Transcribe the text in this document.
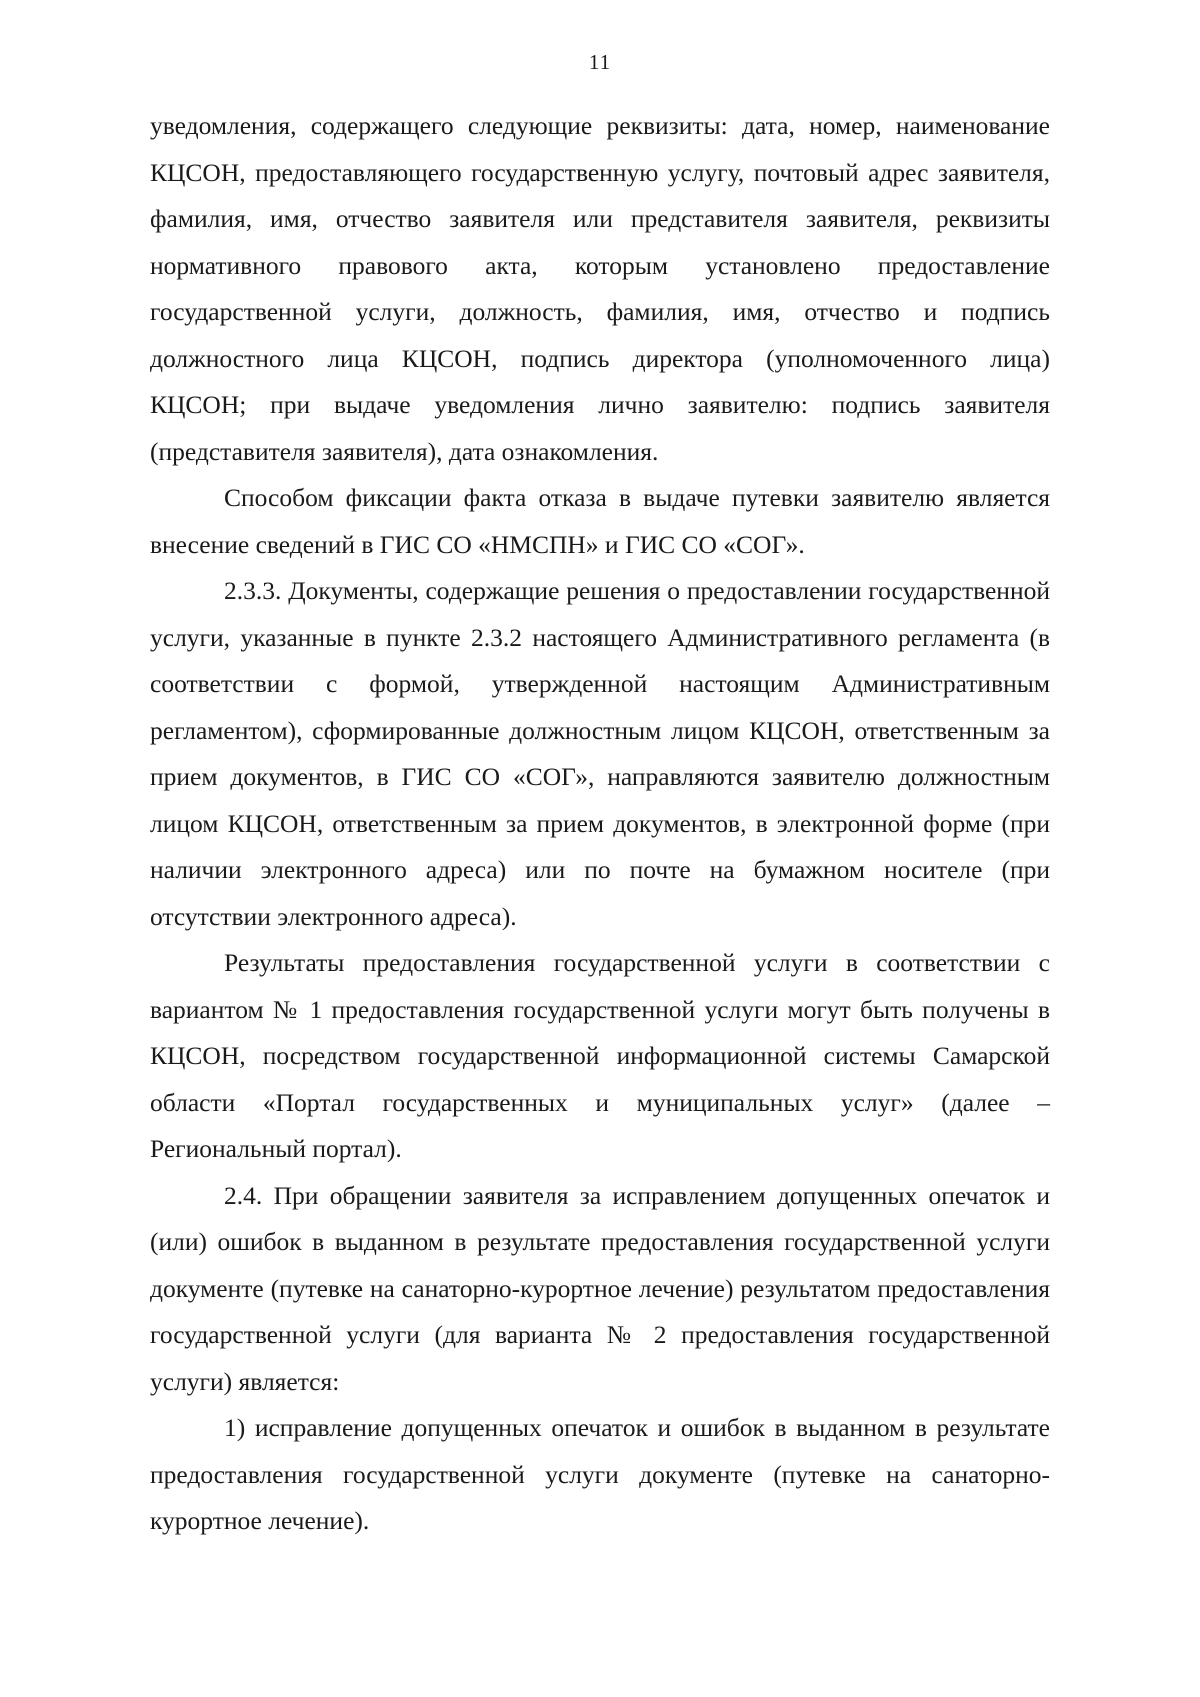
11

уведомления, содержащего следующие реквизиты: дата, номер, наименование КЦСОН, предоставляющего государственную услугу, почтовый адрес заявителя, фамилия, имя, отчество заявителя или представителя заявителя, реквизиты нормативного правового акта, которым установлено предоставление государственной услуги, должность, фамилия, имя, отчество и подпись должностного лица КЦСОН, подпись директора (уполномоченного лица) КЦСОН; при выдаче уведомления лично заявителю: подпись заявителя (представителя заявителя), дата ознакомления.

Способом фиксации факта отказа в выдаче путевки заявителю является внесение сведений в ГИС СО «НМСПН» и ГИС СО «СОГ».

2.3.3. Документы, содержащие решения о предоставлении государственной услуги, указанные в пункте 2.3.2 настоящего Административного регламента (в соответствии с формой, утвержденной настоящим Административным регламентом), сформированные должностным лицом КЦСОН, ответственным за прием документов, в ГИС СО «СОГ», направляются заявителю должностным лицом КЦСОН, ответственным за прием документов, в электронной форме (при наличии электронного адреса) или по почте на бумажном носителе (при отсутствии электронного адреса).

Результаты предоставления государственной услуги в соответствии с вариантом № 1 предоставления государственной услуги могут быть получены в КЦСОН, посредством государственной информационной системы Самарской области «Портал государственных и муниципальных услуг» (далее – Региональный портал).

2.4. При обращении заявителя за исправлением допущенных опечаток и (или) ошибок в выданном в результате предоставления государственной услуги документе (путевке на санаторно-курортное лечение) результатом предоставления государственной услуги (для варианта № 2 предоставления государственной услуги) является:

1) исправление допущенных опечаток и ошибок в выданном в результате предоставления государственной услуги документе (путевке на санаторно-курортное лечение).
